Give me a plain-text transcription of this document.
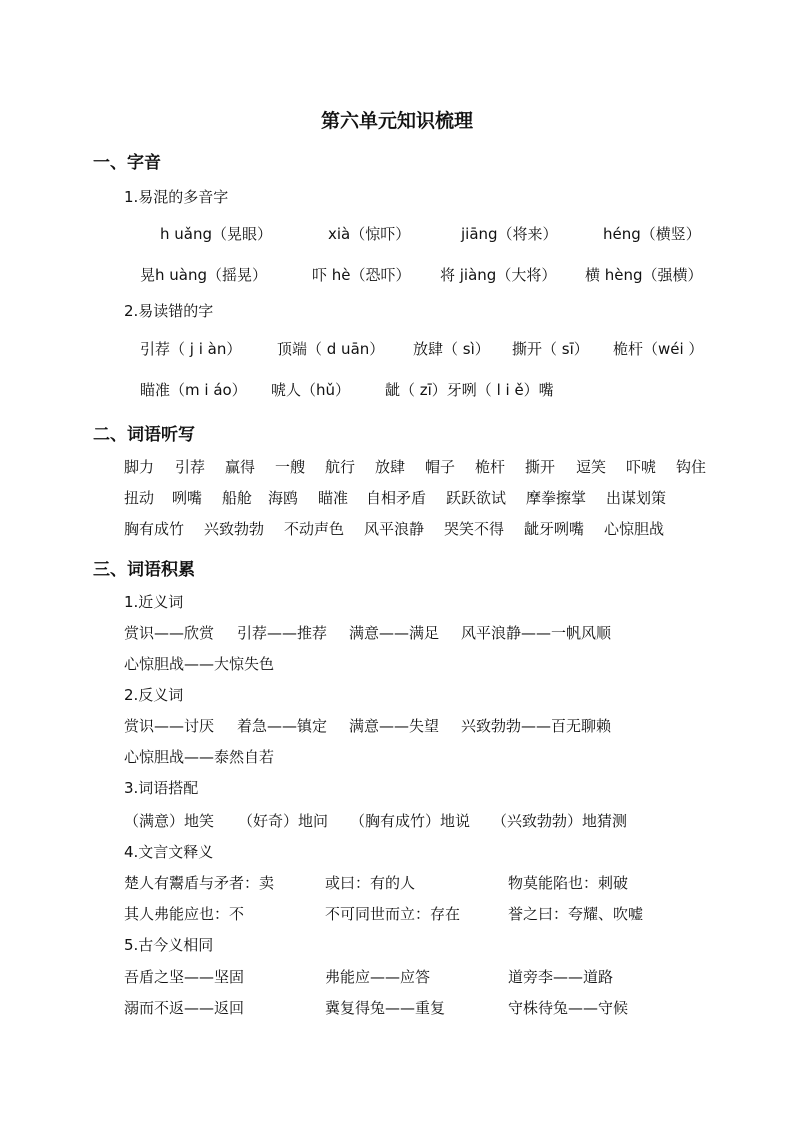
第六单元知识梳理
一、字音
1.易混的多音字
h uǎng（晃眼）	xià（惊吓）	jiāng（将来）	héng（横竖）
晃h uàng（摇晃）	吓 hè（恐吓） 将 jiàng（大将） 横 hèng（强横）
2.易读错的字
引荐（ j i àn） 顶端（ d uān） 放肆（ sì） 撕开（ sī） 桅杆（wéi ）
瞄准（m i áo） 唬人（hǔ） 龇（ zī）牙咧（ l i ě）嘴
二、词语听写
脚力 引荐 赢得 一艘 航行 放肆 帽子 桅杆 撕开 逗笑 吓唬 钩住
扭动 咧嘴 船舱 海鸥 瞄准 自相矛盾 跃跃欲试 摩拳擦掌 出谋划策
胸有成竹 兴致勃勃 不动声色 风平浪静 哭笑不得 龇牙咧嘴 心惊胆战
三、词语积累
1.近义词
赏识——欣赏 引荐——推荐 满意——满足 风平浪静——一帆风顺
心惊胆战——大惊失色
2.反义词
赏识——讨厌 着急——镇定 满意——失望 兴致勃勃——百无聊赖
心惊胆战——泰然自若
3.词语搭配
（满意）地笑 （好奇）地问 （胸有成竹）地说 （兴致勃勃）地猜测
4.文言文释义
楚人有鬻盾与矛者：卖	或曰：有的人	物莫能陷也：刺破
其人弗能应也：不	不可同世而立：存在	誉之曰：夸耀、吹嘘
5.古今义相同
吾盾之坚——坚固	弗能应——应答	道旁李——道路
溺而不返——返回	冀复得兔——重复	守株待兔——守候
